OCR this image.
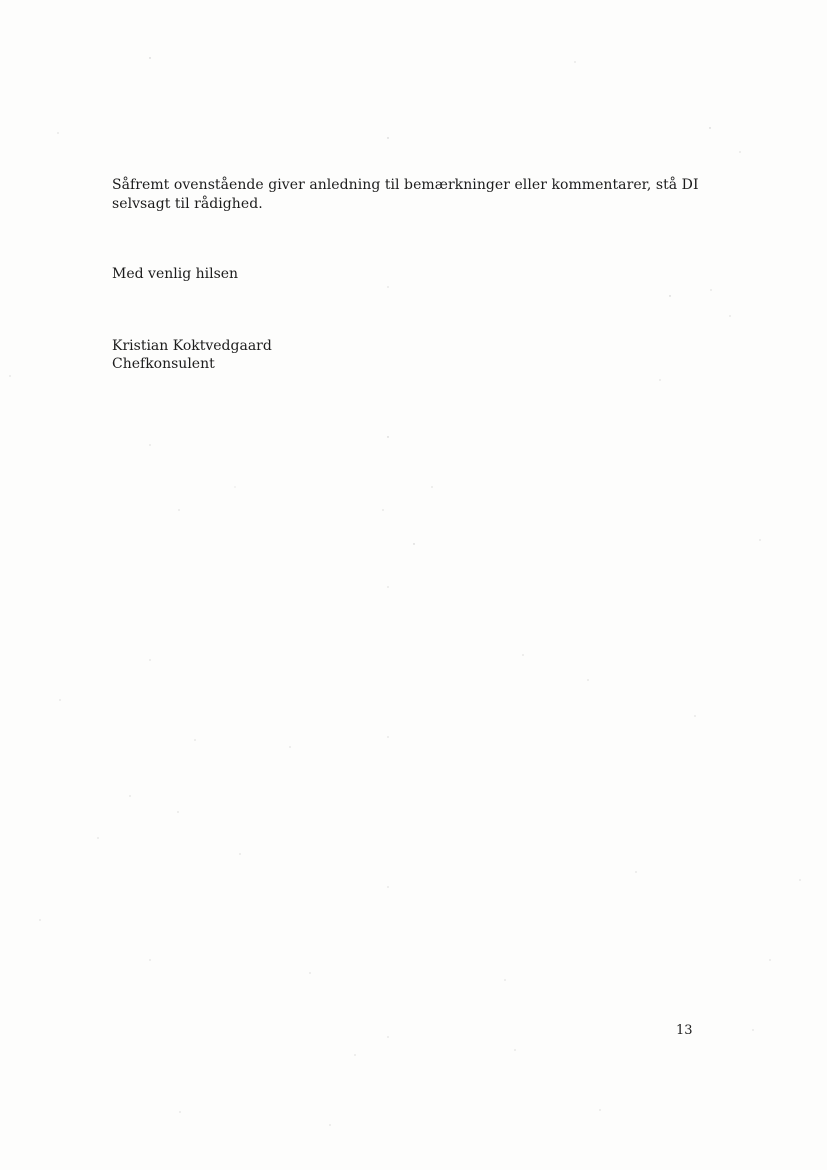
Såfremt ovenstående giver anledning til bemærkninger eller kommentarer, stå DI
selvsagt til rådighed.
Med venlig hilsen
Kristian Koktvedgaard
Chefkonsulent
13
